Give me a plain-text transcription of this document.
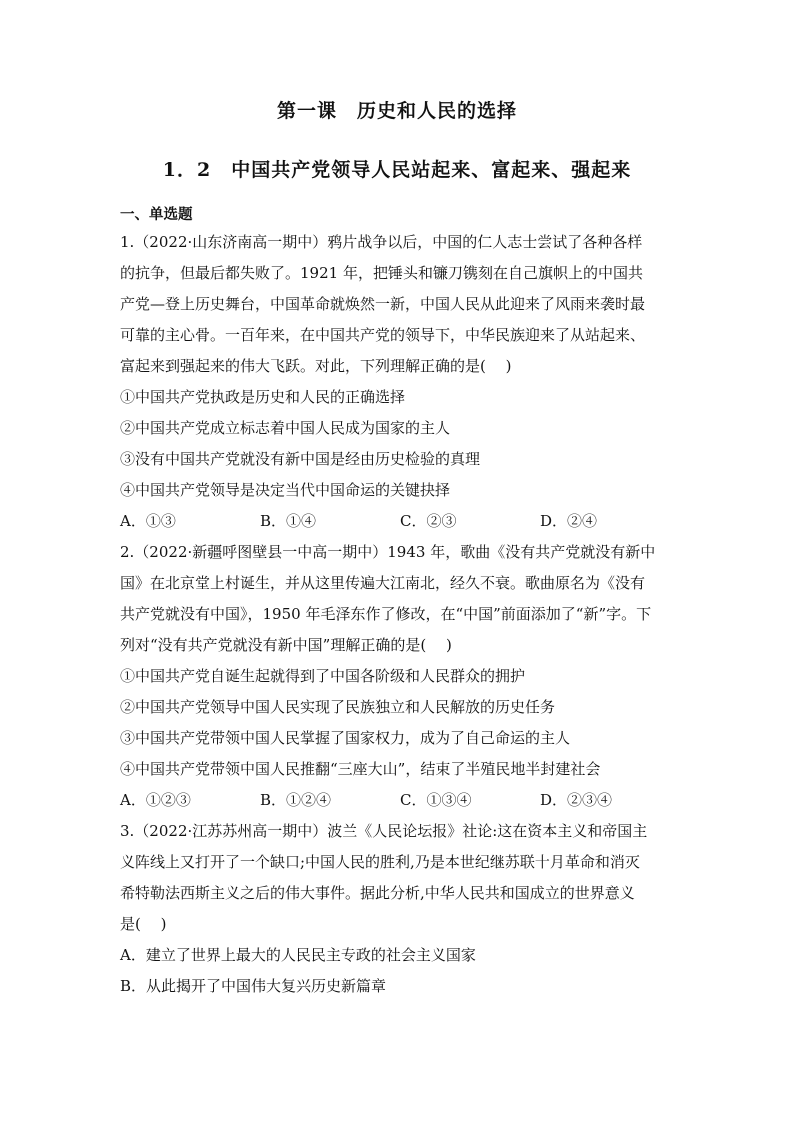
第一课　历史和人民的选择
1．2　中国共产党领导人民站起来、富起来、强起来
一、单选题
1.（2022·山东济南高一期中）鸦片战争以后，中国的仁人志士尝试了各种各样
的抗争，但最后都失败了。1921 年，把锤头和镰刀镌刻在自己旗帜上的中国共
产党—登上历史舞台，中国革命就焕然一新，中国人民从此迎来了风雨来袭时最
可靠的主心骨。一百年来，在中国共产党的领导下，中华民族迎来了从站起来、
富起来到强起来的伟大飞跃。对此，下列理解正确的是(　 )
①中国共产党执政是历史和人民的正确选择
②中国共产党成立标志着中国人民成为国家的主人
③没有中国共产党就没有新中国是经由历史检验的真理
④中国共产党领导是决定当代中国命运的关键抉择
A．①③	B．①④	C．②③	D．②④
2.（2022·新疆呼图壁县一中高一期中）1943 年，歌曲《没有共产党就没有新中
国》在北京堂上村诞生，并从这里传遍大江南北，经久不衰。歌曲原名为《没有
共产党就没有中国》，1950 年毛泽东作了修改，在“中国”前面添加了“新”字。下
列对“没有共产党就没有新中国”理解正确的是(　 )
①中国共产党自诞生起就得到了中国各阶级和人民群众的拥护
②中国共产党领导中国人民实现了民族独立和人民解放的历史任务
③中国共产党带领中国人民掌握了国家权力，成为了自己命运的主人
④中国共产党带领中国人民推翻“三座大山”，结束了半殖民地半封建社会
A．①②③	B．①②④	C．①③④	D．②③④
3.（2022·江苏苏州高一期中）波兰《人民论坛报》社论:这在资本主义和帝国主
义阵线上又打开了一个缺口;中国人民的胜利,乃是本世纪继苏联十月革命和消灭
希特勒法西斯主义之后的伟大事件。据此分析,中华人民共和国成立的世界意义
是(　 )
A．建立了世界上最大的人民民主专政的社会主义国家
B．从此揭开了中国伟大复兴历史新篇章
